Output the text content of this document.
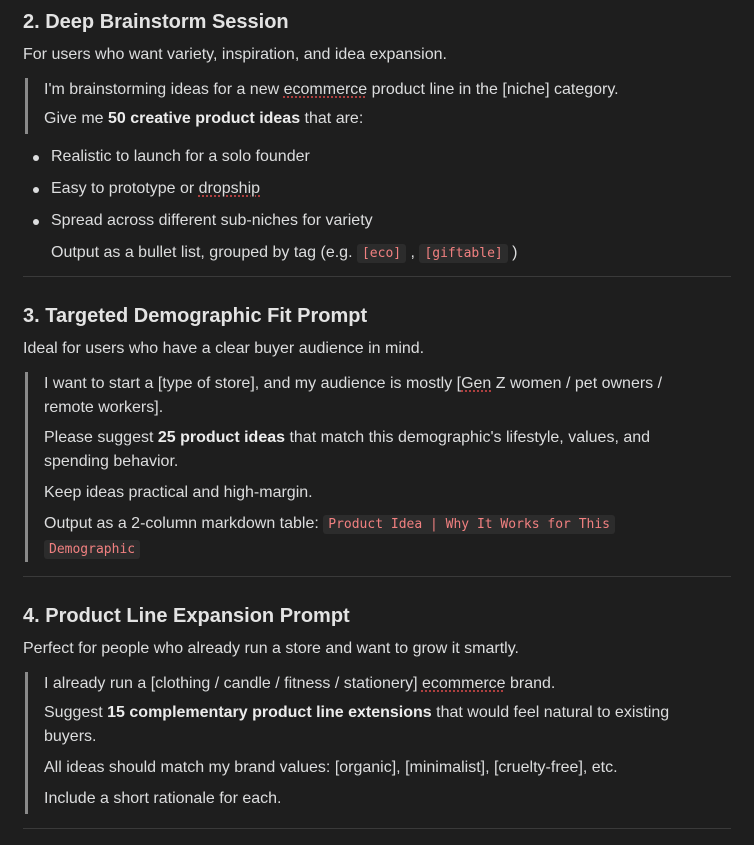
2. Deep Brainstorm Session

For users who want variety, inspiration, and idea expansion.

I'm brainstorming ideas for a new ecommerce product line in the [niche] category.

Give me 50 creative product ideas that are:

Realistic to launch for a solo founder
Easy to prototype or dropship
Spread across different sub-niches for variety

Output as a bullet list, grouped by tag (e.g. [eco] , [giftable] )

3. Targeted Demographic Fit Prompt

Ideal for users who have a clear buyer audience in mind.

I want to start a [type of store], and my audience is mostly [Gen Z women / pet owners / remote workers].

Please suggest 25 product ideas that match this demographic's lifestyle, values, and spending behavior.

Keep ideas practical and high-margin.

Output as a 2-column markdown table: Product Idea | Why It Works for This
Demographic

4. Product Line Expansion Prompt

Perfect for people who already run a store and want to grow it smartly.

I already run a [clothing / candle / fitness / stationery] ecommerce brand.

Suggest 15 complementary product line extensions that would feel natural to existing buyers.

All ideas should match my brand values: [organic], [minimalist], [cruelty-free], etc.

Include a short rationale for each.
